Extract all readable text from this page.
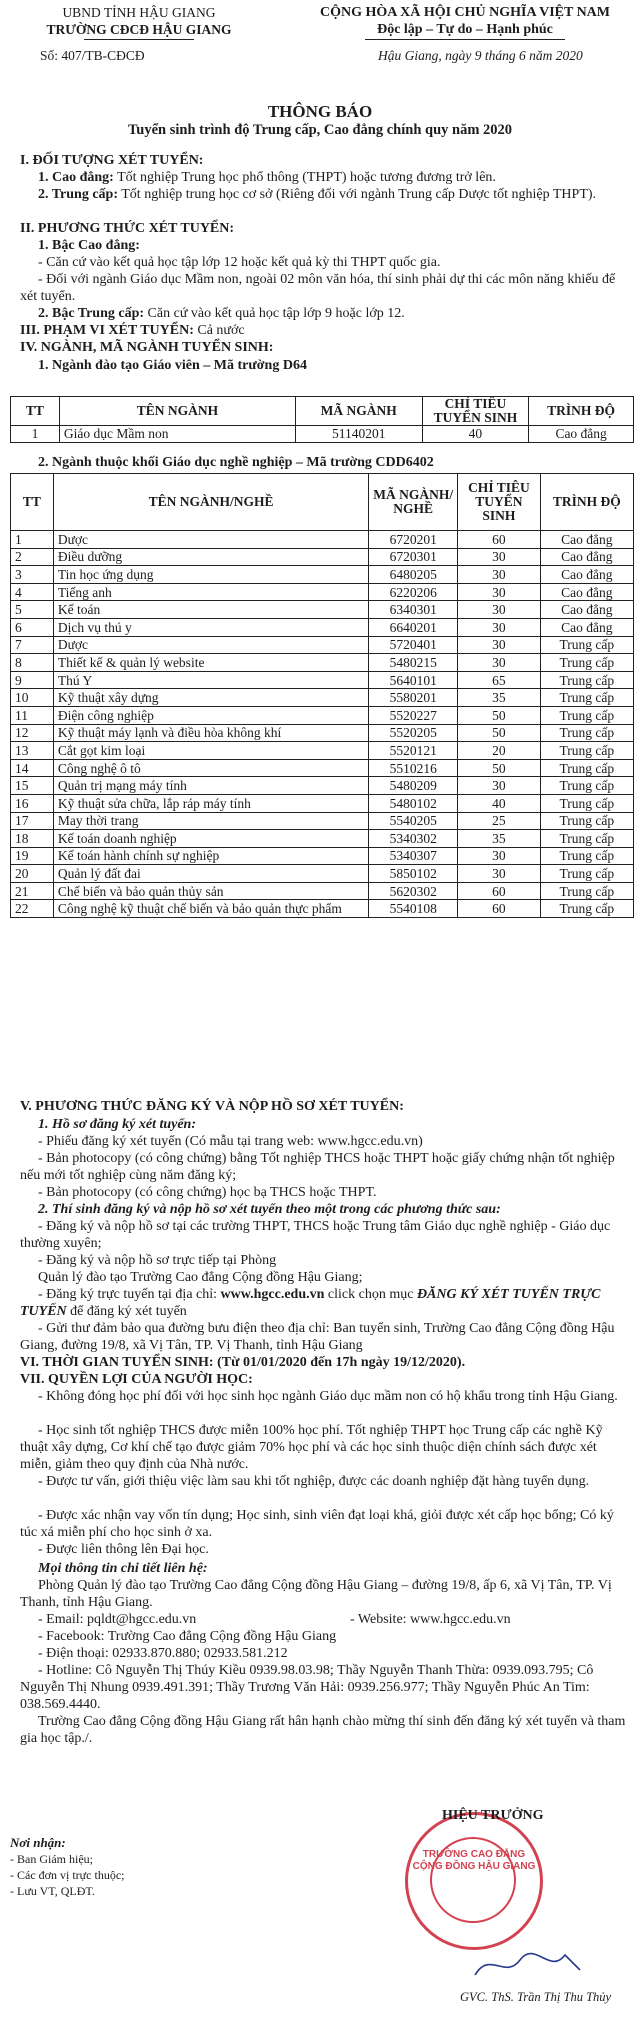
UBND TỈNH HẬU GIANG
TRƯỜNG CĐCĐ HẬU GIANG
CỘNG HÒA XÃ HỘI CHỦ NGHĨA VIỆT NAM
Độc lập – Tự do – Hạnh phúc
Số: 407/TB-CĐCĐ	Hậu Giang, ngày 9 tháng 6 năm 2020
THÔNG BÁO
Tuyển sinh trình độ Trung cấp, Cao đẳng chính quy năm 2020
I. ĐỐI TƯỢNG XÉT TUYỂN:
1. Cao đẳng: Tốt nghiệp Trung học phổ thông (THPT) hoặc tương đương trở lên.
2. Trung cấp: Tốt nghiệp trung học cơ sở (Riêng đối với ngành Trung cấp Dược tốt nghiệp THPT).
II. PHƯƠNG THỨC XÉT TUYỂN:
1. Bậc Cao đẳng:
- Căn cứ vào kết quả học tập lớp 12 hoặc kết quả kỳ thi THPT quốc gia.
- Đối với ngành Giáo dục Mầm non, ngoài 02 môn văn hóa, thí sinh phải dự thi các môn năng khiếu để xét tuyển.
2. Bậc Trung cấp: Căn cứ vào kết quả học tập lớp 9 hoặc lớp 12.
III. PHẠM VI XÉT TUYỂN: Cả nước
IV. NGÀNH, MÃ NGÀNH TUYỂN SINH:
1. Ngành đào tạo Giáo viên – Mã trường D64
TT	TÊN NGÀNH	MÃ NGÀNH	CHỈ TIÊU TUYỂN SINH	TRÌNH ĐỘ
1	Giáo dục Mầm non	51140201	40	Cao đẳng
2. Ngành thuộc khối Giáo dục nghề nghiệp – Mã trường CDD6402
TT	TÊN NGÀNH/NGHỀ	MÃ NGÀNH/ NGHỀ	CHỈ TIÊU TUYỂN SINH	TRÌNH ĐỘ
1	Dược	6720201	60	Cao đẳng
2	Điều dưỡng	6720301	30	Cao đẳng
3	Tin học ứng dụng	6480205	30	Cao đẳng
4	Tiếng anh	6220206	30	Cao đẳng
5	Kế toán	6340301	30	Cao đẳng
6	Dịch vụ thú y	6640201	30	Cao đẳng
7	Dược	5720401	30	Trung cấp
8	Thiết kế & quản lý website	5480215	30	Trung cấp
9	Thú Y	5640101	65	Trung cấp
10	Kỹ thuật xây dựng	5580201	35	Trung cấp
11	Điện công nghiệp	5520227	50	Trung cấp
12	Kỹ thuật máy lạnh và điều hòa không khí	5520205	50	Trung cấp
13	Cắt gọt kim loại	5520121	20	Trung cấp
14	Công nghệ ô tô	5510216	50	Trung cấp
15	Quản trị mạng máy tính	5480209	30	Trung cấp
16	Kỹ thuật sửa chữa, lắp ráp máy tính	5480102	40	Trung cấp
17	May thời trang	5540205	25	Trung cấp
18	Kế toán doanh nghiệp	5340302	35	Trung cấp
19	Kế toán hành chính sự nghiệp	5340307	30	Trung cấp
20	Quản lý đất đai	5850102	30	Trung cấp
21	Chế biến và bảo quản thủy sản	5620302	60	Trung cấp
22	Công nghệ kỹ thuật chế biến và bảo quản thực phẩm	5540108	60	Trung cấp
V. PHƯƠNG THỨC ĐĂNG KÝ VÀ NỘP HỒ SƠ XÉT TUYỂN:
1. Hồ sơ đăng ký xét tuyển:
- Phiếu đăng ký xét tuyển (Có mẫu tại trang web: www.hgcc.edu.vn)
- Bản photocopy (có công chứng) bằng Tốt nghiệp THCS hoặc THPT hoặc giấy chứng nhận tốt nghiệp nếu mới tốt nghiệp cùng năm đăng ký;
- Bản photocopy (có công chứng) học bạ THCS hoặc THPT.
2. Thí sinh đăng ký và nộp hồ sơ xét tuyển theo một trong các phương thức sau:
- Đăng ký và nộp hồ sơ tại các trường THPT, THCS hoặc Trung tâm Giáo dục nghề nghiệp - Giáo dục thường xuyên;
- Đăng ký và nộp hồ sơ trực tiếp tại Phòng
Quản lý đào tạo Trường Cao đẳng Cộng đồng Hậu Giang;
- Đăng ký trực tuyến tại địa chỉ: www.hgcc.edu.vn click chọn mục ĐĂNG KÝ XÉT TUYỂN TRỰC TUYẾN để đăng ký xét tuyển
- Gửi thư đảm bảo qua đường bưu điện theo địa chỉ: Ban tuyển sinh, Trường Cao đẳng Cộng đồng Hậu Giang, đường 19/8, xã Vị Tân, TP. Vị Thanh, tỉnh Hậu Giang
VI. THỜI GIAN TUYỂN SINH: (Từ 01/01/2020 đến 17h ngày 19/12/2020).
VII. QUYỀN LỢI CỦA NGƯỜI HỌC:
- Không đóng học phí đối với học sinh học ngành Giáo dục mầm non có hộ khẩu trong tỉnh Hậu Giang.
- Học sinh tốt nghiệp THCS được miễn 100% học phí. Tốt nghiệp THPT học Trung cấp các nghề Kỹ thuật xây dựng, Cơ khí chế tạo được giảm 70% học phí và các học sinh thuộc diện chính sách được xét miễn, giảm theo quy định của Nhà nước.
- Được tư vấn, giới thiệu việc làm sau khi tốt nghiệp, được các doanh nghiệp đặt hàng tuyển dụng.
- Được xác nhận vay vốn tín dụng; Học sinh, sinh viên đạt loại khá, giỏi được xét cấp học bổng; Có ký túc xá miễn phí cho học sinh ở xa.
- Được liên thông lên Đại học.
Mọi thông tin chi tiết liên hệ:
Phòng Quản lý đào tạo Trường Cao đẳng Cộng đồng Hậu Giang – đường 19/8, ấp 6, xã Vị Tân, TP. Vị Thanh, tỉnh Hậu Giang.
- Email: pqldt@hgcc.edu.vn	- Website: www.hgcc.edu.vn
- Facebook: Trường Cao đẳng Cộng đồng Hậu Giang
- Điện thoại: 02933.870.880; 02933.581.212
- Hotline: Cô Nguyễn Thị Thúy Kiều 0939.98.03.98; Thầy Nguyễn Thanh Thừa: 0939.093.795; Cô Nguyễn Thị Nhung 0939.491.391; Thầy Trương Văn Hải: 0939.256.977; Thầy Nguyễn Phúc An Tim: 038.569.4440.
Trường Cao đẳng Cộng đồng Hậu Giang rất hân hạnh chào mừng thí sinh đến đăng ký xét tuyển và tham gia học tập./.
Nơi nhận:
- Ban Giám hiệu;
- Các đơn vị trực thuộc;
- Lưu VT, QLĐT.
TRƯỜNG CAO ĐẲNG CỘNG ĐỒNG HẬU GIANG
HIỆU TRƯỞNG
GVC. ThS. Trần Thị Thu Thủy
